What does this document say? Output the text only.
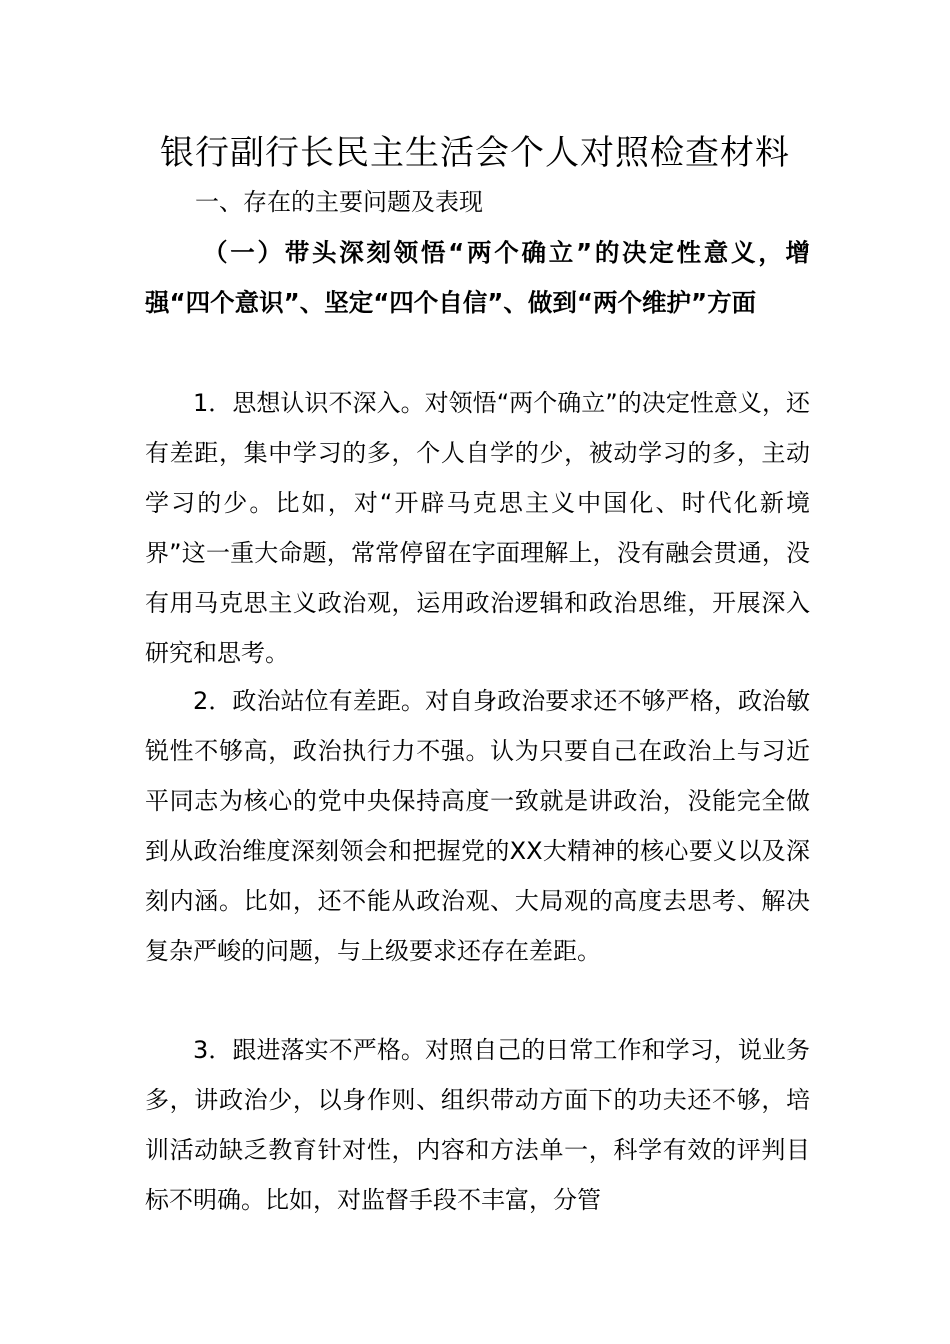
银行副行长民主生活会个人对照检查材料
一、存在的主要问题及表现

（一）带头深刻领悟“两个确立”的决定性意义，增强“四个意识”、坚定“四个自信”、做到“两个维护”方面

1．思想认识不深入。对领悟“两个确立”的决定性意义，还有差距，集中学习的多，个人自学的少，被动学习的多，主动学习的少。比如，对“开辟马克思主义中国化、时代化新境界”这一重大命题，常常停留在字面理解上，没有融会贯通，没有用马克思主义政治观，运用政治逻辑和政治思维，开展深入研究和思考。

2．政治站位有差距。对自身政治要求还不够严格，政治敏锐性不够高，政治执行力不强。认为只要自己在政治上与习近平同志为核心的党中央保持高度一致就是讲政治，没能完全做到从政治维度深刻领会和把握党的XX大精神的核心要义以及深刻内涵。比如，还不能从政治观、大局观的高度去思考、解决复杂严峻的问题，与上级要求还存在差距。

3．跟进落实不严格。对照自己的日常工作和学习，说业务多，讲政治少，以身作则、组织带动方面下的功夫还不够，培训活动缺乏教育针对性，内容和方法单一，科学有效的评判目标不明确。比如，对监督手段不丰富，分管
